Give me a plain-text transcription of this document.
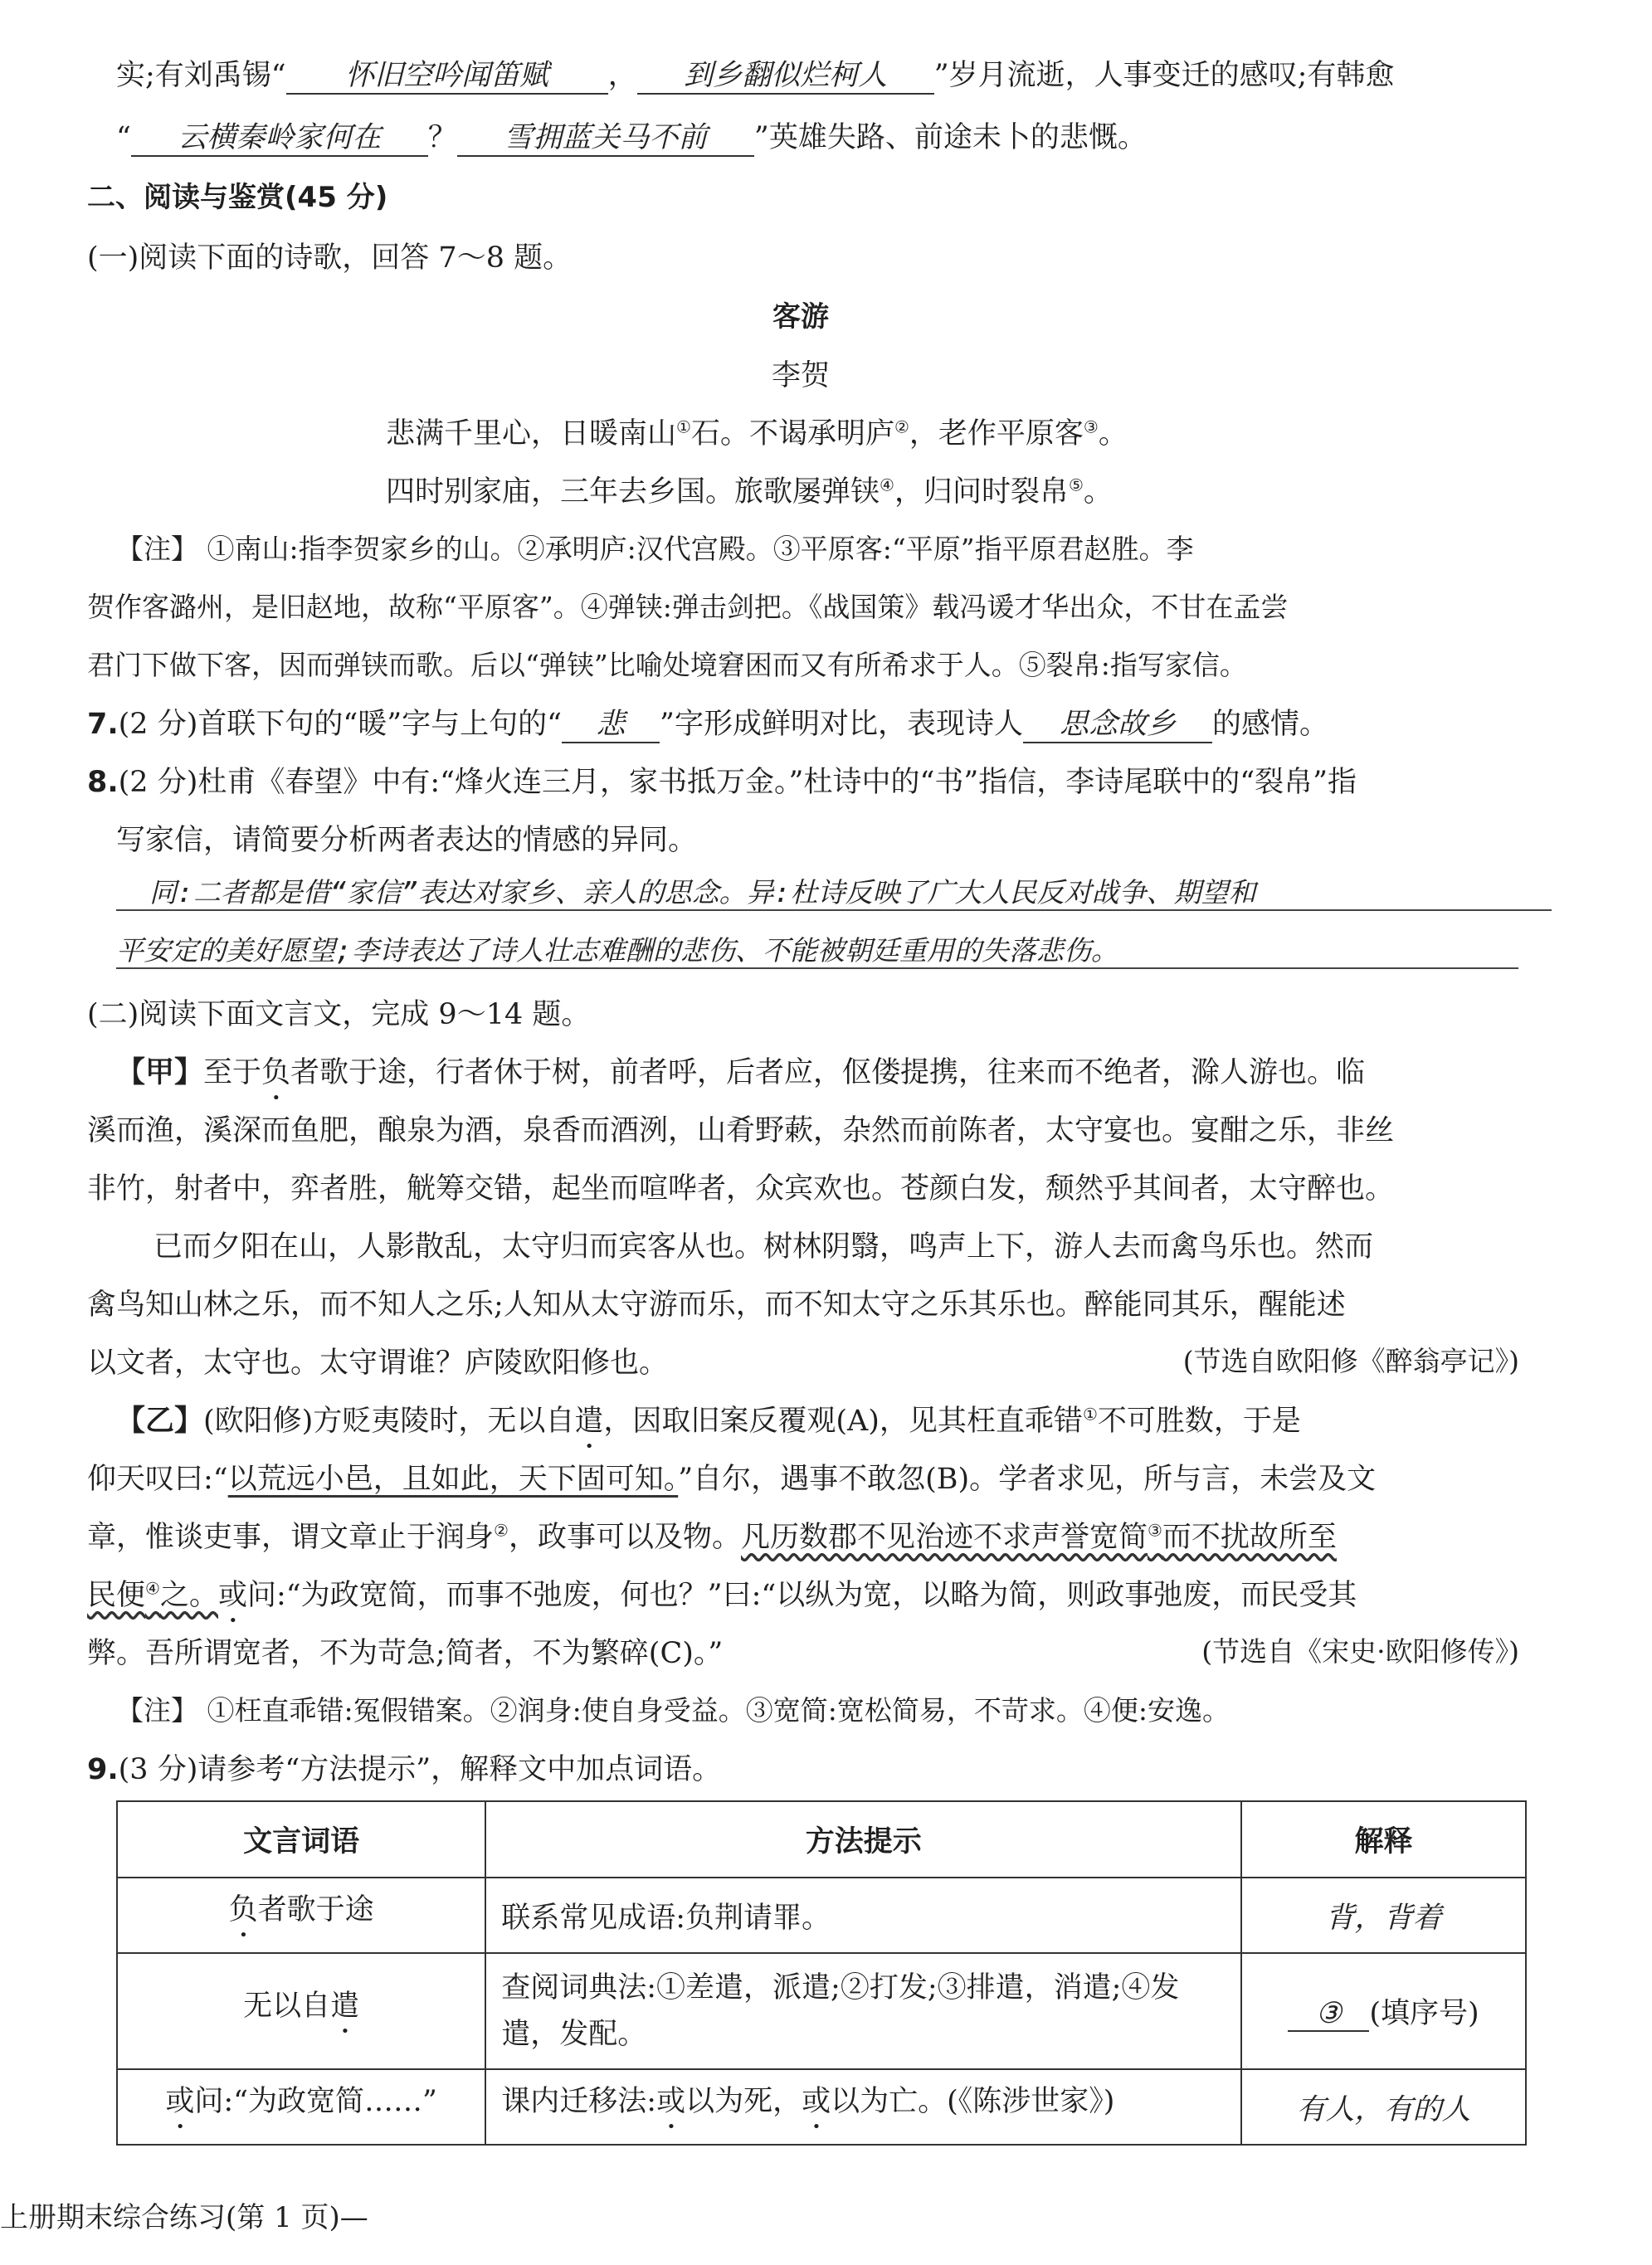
实;有刘禹锡“ 怀旧空吟闻笛赋 ， 到乡翻似烂柯人 ”岁月流逝，人事变迁的感叹;有韩愈
“ 云横秦岭家何在 ？ 雪拥蓝关马不前 ”英雄失路、前途未卜的悲慨。
二、阅读与鉴赏(45 分)
(一)阅读下面的诗歌，回答 7～8 题。
客游
李贺
悲满千里心，日暖南山①石。不谒承明庐②，老作平原客③。
四时别家庙，三年去乡国。旅歌屡弹铗④，归问时裂帛⑤。
【注】 ①南山:指李贺家乡的山。②承明庐:汉代宫殿。③平原客:“平原”指平原君赵胜。李
贺作客潞州，是旧赵地，故称“平原客”。④弹铗:弹击剑把。《战国策》载冯谖才华出众，不甘在孟尝
君门下做下客，因而弹铗而歌。后以“弹铗”比喻处境窘困而又有所希求于人。⑤裂帛:指写家信。
7.(2 分)首联下句的“暖”字与上句的“ 悲 ”字形成鲜明对比，表现诗人 思念故乡 的感情。
8.(2 分)杜甫《春望》中有:“烽火连三月，家书抵万金。”杜诗中的“书”指信，李诗尾联中的“裂帛”指
写家信，请简要分析两者表达的情感的异同。
同:二者都是借“家信”表达对家乡、亲人的思念。异:杜诗反映了广大人民反对战争、期望和
平安定的美好愿望;李诗表达了诗人壮志难酬的悲伤、不能被朝廷重用的失落悲伤。
(二)阅读下面文言文，完成 9～14 题。
【甲】至于负者歌于途，行者休于树，前者呼，后者应，伛偻提携，往来而不绝者，滁人游也。临
溪而渔，溪深而鱼肥，酿泉为酒，泉香而酒洌，山肴野蔌，杂然而前陈者，太守宴也。宴酣之乐，非丝
非竹，射者中，弈者胜，觥筹交错，起坐而喧哗者，众宾欢也。苍颜白发，颓然乎其间者，太守醉也。
已而夕阳在山，人影散乱，太守归而宾客从也。树林阴翳，鸣声上下，游人去而禽鸟乐也。然而
禽鸟知山林之乐，而不知人之乐;人知从太守游而乐，而不知太守之乐其乐也。醉能同其乐，醒能述
以文者，太守也。太守谓谁？庐陵欧阳修也。	(节选自欧阳修《醉翁亭记》)
【乙】(欧阳修)方贬夷陵时，无以自遣，因取旧案反覆观(A)，见其枉直乖错①不可胜数，于是
仰天叹曰:“以荒远小邑，且如此，天下固可知。”自尔，遇事不敢忽(B)。学者求见，所与言，未尝及文
章，惟谈吏事，谓文章止于润身②，政事可以及物。凡历数郡不见治迹不求声誉宽简③而不扰故所至
民便④之。或问:“为政宽简，而事不弛废，何也？”曰:“以纵为宽，以略为简，则政事弛废，而民受其
弊。吾所谓宽者，不为苛急;简者，不为繁碎(C)。”	(节选自《宋史·欧阳修传》)
【注】 ①枉直乖错:冤假错案。②润身:使自身受益。③宽简:宽松简易，不苛求。④便:安逸。
9.(3 分)请参考“方法提示”，解释文中加点词语。
文言词语	方法提示	解释
负者歌于途	联系常见成语:负荆请罪。	背，背着
无以自遣	查阅词典法:①差遣，派遣;②打发;③排遣，消遣;④发遣，发配。	③ (填序号)
或问:“为政宽简……”	课内迁移法:或以为死，或以为亡。(《陈涉世家》)	有人，有的人
上册期末综合练习(第 1 页)—
